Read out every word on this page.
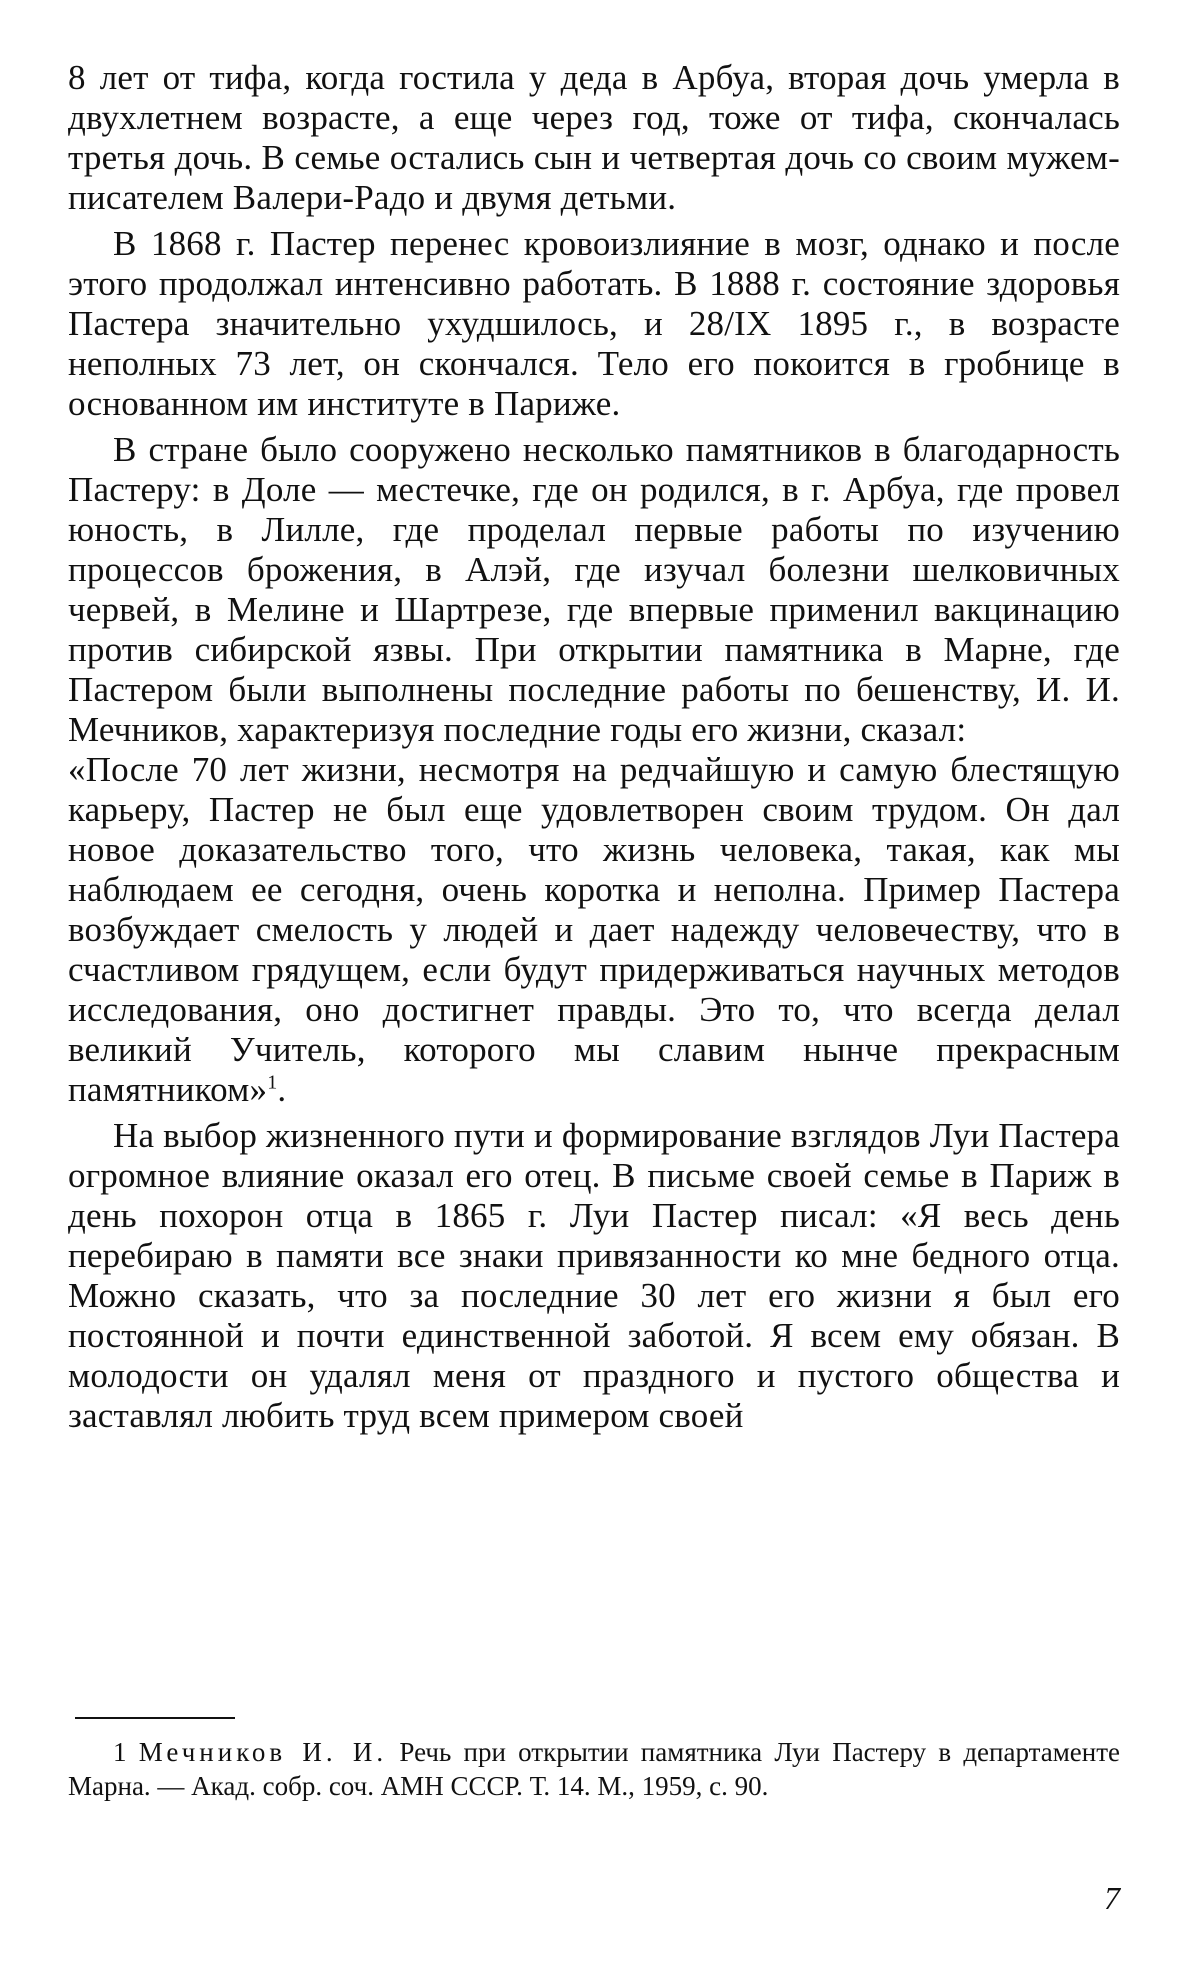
8 лет от тифа, когда гостила у деда в Арбуа, вторая дочь умерла в двухлетнем возрасте, а еще через год, тоже от тифа, скончалась третья дочь. В семье остались сын и четвертая дочь со своим мужем-писателем Валери-Радо и двумя детьми.

В 1868 г. Пастер перенес кровоизлияние в мозг, однако и после этого продолжал интенсивно работать. В 1888 г. состояние здоровья Пастера значительно ухудшилось, и 28/IX 1895 г., в возрасте неполных 73 лет, он скончался. Тело его покоится в гробнице в основанном им институте в Париже.

В стране было сооружено несколько памятников в благодарность Пастеру: в Доле — местечке, где он родился, в г. Арбуа, где провел юность, в Лилле, где проделал первые работы по изучению процессов брожения, в Алэй, где изучал болезни шелковичных червей, в Мелине и Шартрезе, где впервые применил вакцинацию против сибирской язвы. При открытии памятника в Марне, где Пастером были выполнены последние работы по бешенству, И. И. Мечников, характеризуя последние годы его жизни, сказал:

«После 70 лет жизни, несмотря на редчайшую и самую блестящую карьеру, Пастер не был еще удовлетворен своим трудом. Он дал новое доказательство того, что жизнь человека, такая, как мы наблюдаем ее сегодня, очень коротка и неполна. Пример Пастера возбуждает смелость у людей и дает надежду человечеству, что в счастливом грядущем, если будут придерживаться научных методов исследования, оно достигнет правды. Это то, что всегда делал великий Учитель, которого мы славим нынче прекрасным памятником»$^1$.

На выбор жизненного пути и формирование взглядов Луи Пастера огромное влияние оказал его отец. В письме своей семье в Париж в день похорон отца в 1865 г. Луи Пастер писал: «Я весь день перебираю в памяти все знаки привязанности ко мне бедного отца. Можно сказать, что за последние 30 лет его жизни я был его постоянной и почти единственной заботой. Я всем ему обязан. В молодости он удалял меня от праздного и пустого общества и заставлял любить труд всем примером своей

1 Мечников И. И. Речь при открытии памятника Луи Пастеру в департаменте Марна. — Акад. собр. соч. АМН СССР. Т. 14. М., 1959, с. 90.
7
